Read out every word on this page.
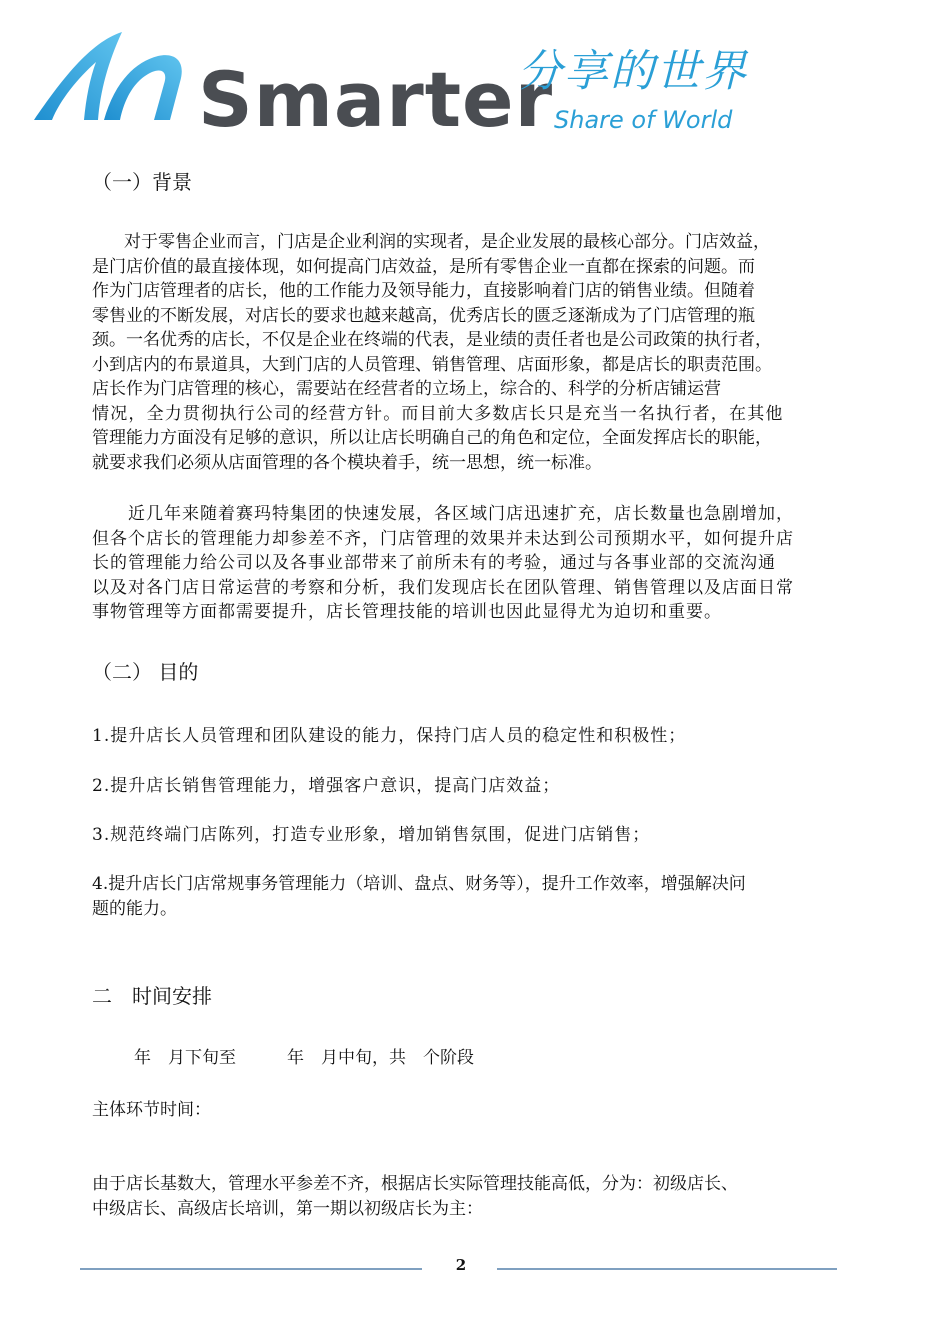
Smarter
分享的世界
Share of World
（一）背景
对于零售企业而言，门店是企业利润的实现者，是企业发展的最核心部分。门店效益，
是门店价值的最直接体现，如何提高门店效益，是所有零售企业一直都在探索的问题。而
作为门店管理者的店长，他的工作能力及领导能力，直接影响着门店的销售业绩。但随着
零售业的不断发展，对店长的要求也越来越高，优秀店长的匮乏逐渐成为了门店管理的瓶
颈。一名优秀的店长，不仅是企业在终端的代表，是业绩的责任者也是公司政策的执行者，
小到店内的布景道具，大到门店的人员管理、销售管理、店面形象，都是店长的职责范围。
店长作为门店管理的核心，需要站在经营者的立场上，综合的、科学的分析店铺运营
情况，全力贯彻执行公司的经营方针。而目前大多数店长只是充当一名执行者，在其他
管理能力方面没有足够的意识，所以让店长明确自己的角色和定位，全面发挥店长的职能，
就要求我们必须从店面管理的各个模块着手，统一思想，统一标准。
近几年来随着赛玛特集团的快速发展，各区域门店迅速扩充，店长数量也急剧增加，
但各个店长的管理能力却参差不齐，门店管理的效果并未达到公司预期水平，如何提升店
长的管理能力给公司以及各事业部带来了前所未有的考验，通过与各事业部的交流沟通
以及对各门店日常运营的考察和分析，我们发现店长在团队管理、销售管理以及店面日常
事物管理等方面都需要提升，店长管理技能的培训也因此显得尤为迫切和重要。
（二） 目的
1.提升店长人员管理和团队建设的能力，保持门店人员的稳定性和积极性；
2.提升店长销售管理能力，增强客户意识，提高门店效益；
3.规范终端门店陈列，打造专业形象，增加销售氛围，促进门店销售；
4.提升店长门店常规事务管理能力（培训、盘点、财务等），提升工作效率，增强解决问
题的能力。
二　时间安排
年　月下旬至　　　年　月中旬，共　个阶段
主体环节时间：
由于店长基数大，管理水平参差不齐，根据店长实际管理技能高低，分为：初级店长、
中级店长、高级店长培训，第一期以初级店长为主：
2
